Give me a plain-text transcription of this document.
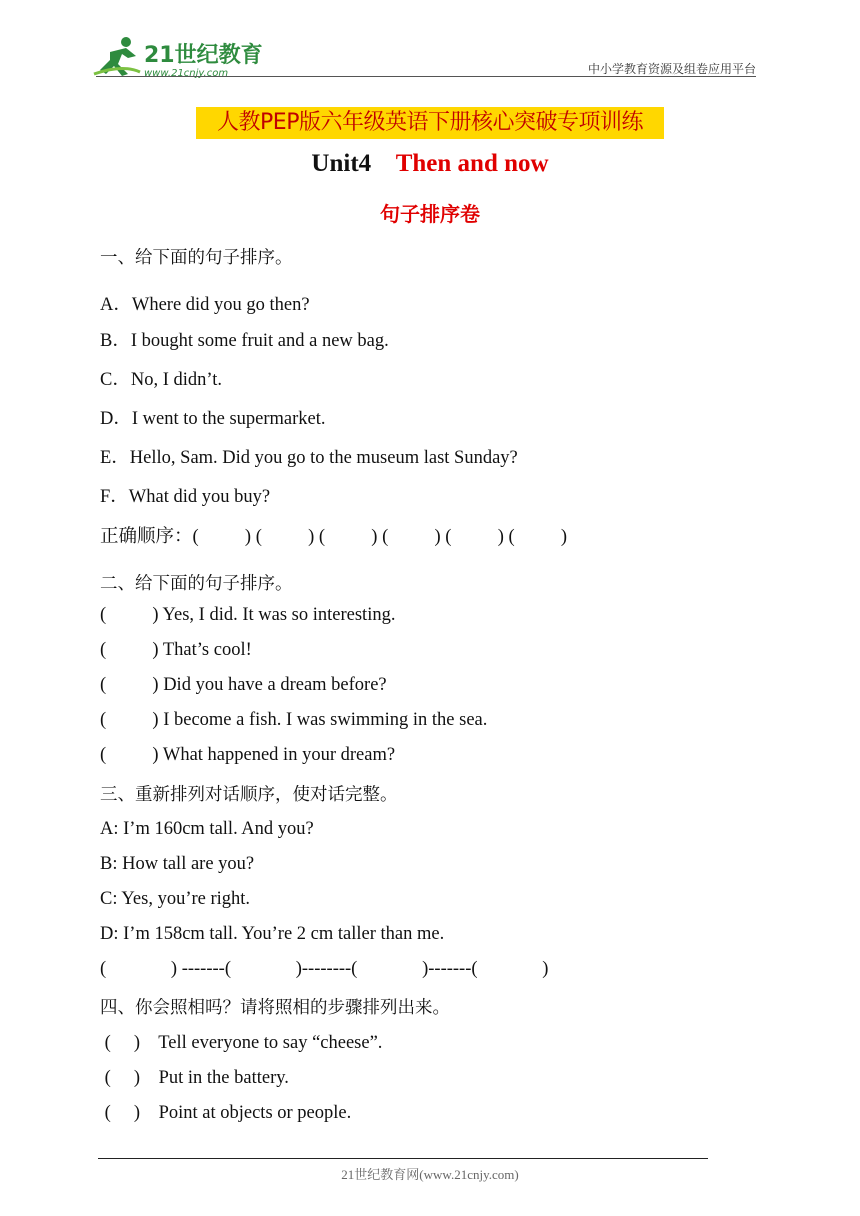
21世纪教育
www.21cnjy.com	中小学教育资源及组卷应用平台
人教PEP版六年级英语下册核心突破专项训练
Unit4 Then and now
句子排序卷
一、给下面的句子排序。
A．Where did you go then?
B．I bought some fruit and a new bag.
C．No, I didn’t.
D．I went to the supermarket.
E．Hello, Sam. Did you go to the museum last Sunday?
F．What did you buy?
正确顺序：(          ) (          ) (          ) (          ) (          ) (          )
二、给下面的句子排序。
(          ) Yes, I did. It was so interesting.
(          ) That’s cool!
(          ) Did you have a dream before?
(          ) I become a fish. I was swimming in the sea.
(          ) What happened in your dream?
三、重新排列对话顺序，使对话完整。
A: I’m 160cm tall. And you?
B: How tall are you?
C: Yes, you’re right.
D: I’m 158cm tall. You’re 2 cm taller than me.
(              ) -------(              )--------(              )-------(              )
四、你会照相吗？请将照相的步骤排列出来。
(     )    Tell everyone to say “cheese”.
(     )    Put in the battery.
(     )    Point at objects or people.
21世纪教育网(www.21cnjy.com)
